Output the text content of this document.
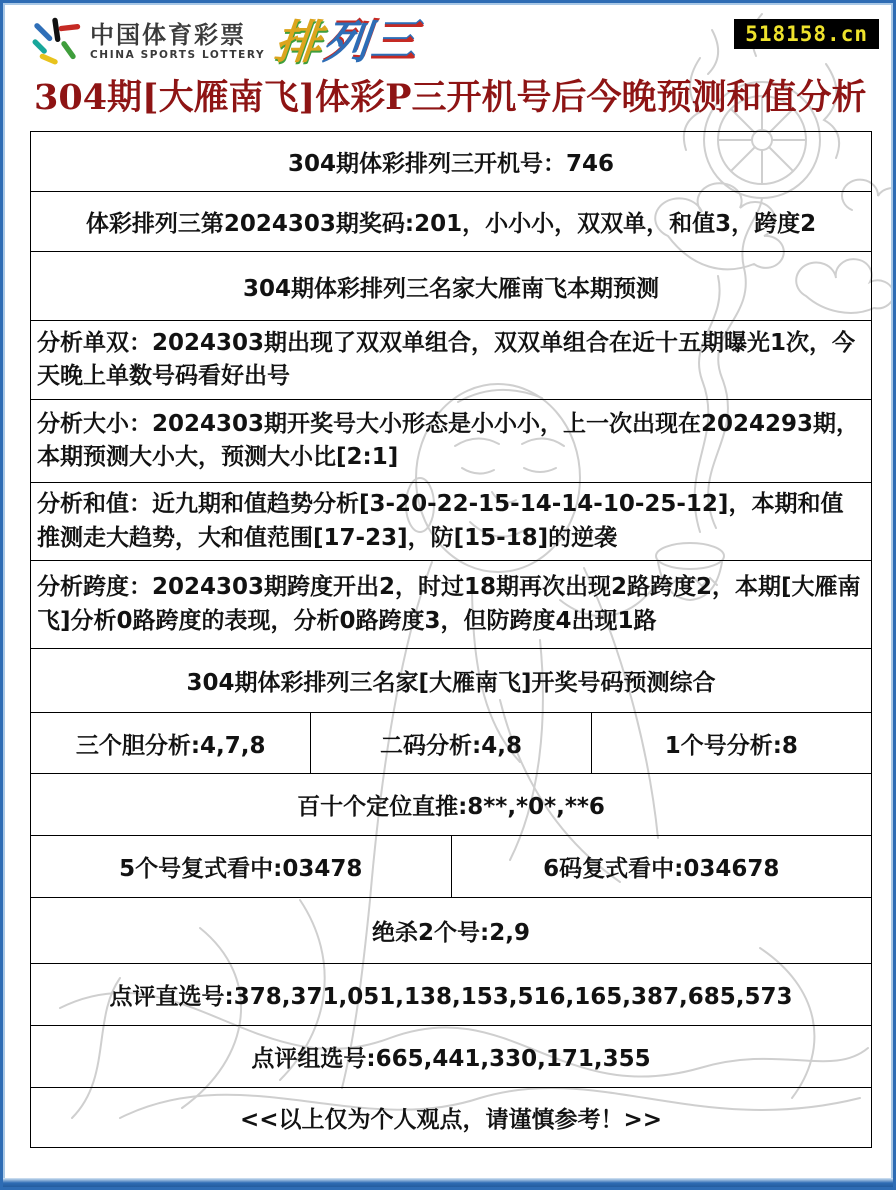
中国体育彩票
CHINA SPORTS LOTTERY 排列三	518158.cn
304期[大雁南飞]体彩P三开机号后今晚预测和值分析
304期体彩排列三开机号：746
体彩排列三第2024303期奖码:201，小小小，双双单，和值3，跨度2
304期体彩排列三名家大雁南飞本期预测
分析单双：2024303期出现了双双单组合，双双单组合在近十五期曝光1次，今天晚上单数号码看好出号
分析大小：2024303期开奖号大小形态是小小小，上一次出现在2024293期，本期预测大小大，预测大小比[2:1]
分析和值：近九期和值趋势分析[3-20-22-15-14-14-10-25-12]，本期和值推测走大趋势，大和值范围[17-23]，防[15-18]的逆袭
分析跨度：2024303期跨度开出2，时过18期再次出现2路跨度2，本期[大雁南飞]分析0路跨度的表现，分析0路跨度3，但防跨度4出现1路
304期体彩排列三名家[大雁南飞]开奖号码预测综合
三个胆分析:4,7,8	二码分析:4,8	1个号分析:8
百十个定位直推:8**,*0*,**6
5个号复式看中:03478	6码复式看中:034678
绝杀2个号:2,9
点评直选号:378,371,051,138,153,516,165,387,685,573
点评组选号:665,441,330,171,355
<<以上仅为个人观点，请谨慎参考！>>
